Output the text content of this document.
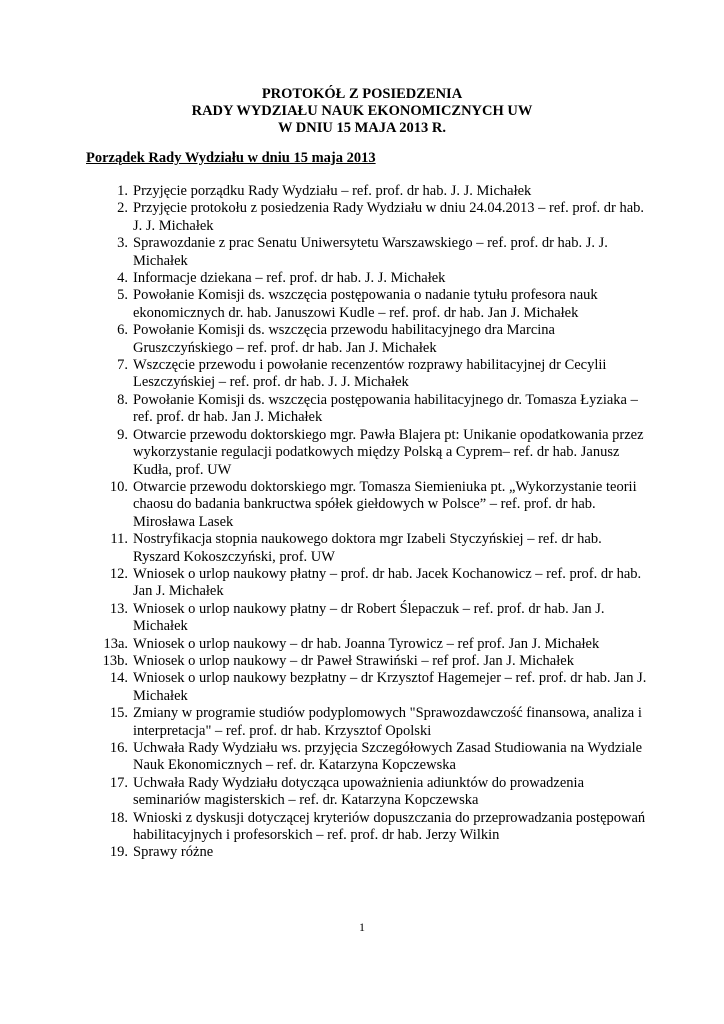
PROTOKÓŁ Z POSIEDZENIA
RADY WYDZIAŁU NAUK EKONOMICZNYCH UW
W DNIU 15 MAJA 2013 R.
Porządek Rady Wydziału w dniu 15 maja 2013
1. Przyjęcie porządku Rady Wydziału – ref. prof. dr hab. J. J. Michałek
2. Przyjęcie protokołu z posiedzenia Rady Wydziału w dniu 24.04.2013 – ref. prof. dr hab. J. J. Michałek
3. Sprawozdanie z prac Senatu Uniwersytetu Warszawskiego – ref. prof. dr hab. J. J. Michałek
4. Informacje dziekana – ref. prof. dr hab. J. J. Michałek
5. Powołanie Komisji ds. wszczęcia postępowania o nadanie tytułu profesora nauk ekonomicznych dr. hab. Januszowi Kudle – ref. prof. dr hab. Jan J. Michałek
6. Powołanie Komisji ds. wszczęcia przewodu habilitacyjnego dra Marcina Gruszczyńskiego – ref. prof. dr hab. Jan J. Michałek
7. Wszczęcie przewodu i powołanie recenzentów rozprawy habilitacyjnej dr Cecylii Leszczyńskiej – ref. prof. dr hab. J. J. Michałek
8. Powołanie Komisji ds. wszczęcia postępowania habilitacyjnego dr. Tomasza Łyziaka – ref. prof. dr hab. Jan J. Michałek
9. Otwarcie przewodu doktorskiego mgr. Pawła Blajera pt: Unikanie opodatkowania przez wykorzystanie regulacji podatkowych między Polską a Cyprem– ref. dr hab. Janusz Kudła, prof. UW
10. Otwarcie przewodu doktorskiego mgr. Tomasza Siemieniuka pt. „Wykorzystanie teorii chaosu do badania bankructwa spółek giełdowych w Polsce” – ref. prof. dr hab. Mirosława Lasek
11. Nostryfikacja stopnia naukowego doktora mgr Izabeli Styczyńskiej – ref. dr hab. Ryszard Kokoszczyński, prof. UW
12. Wniosek o urlop naukowy płatny – prof. dr hab. Jacek Kochanowicz – ref. prof. dr hab. Jan J. Michałek
13. Wniosek o urlop naukowy płatny – dr Robert Ślepaczuk – ref. prof. dr hab. Jan J. Michałek
13a. Wniosek o urlop naukowy – dr hab. Joanna Tyrowicz – ref prof. Jan J. Michałek
13b. Wniosek o urlop naukowy – dr Paweł Strawiński – ref prof. Jan J. Michałek
14. Wniosek o urlop naukowy bezpłatny – dr Krzysztof Hagemejer – ref. prof. dr hab. Jan J. Michałek
15. Zmiany w programie studiów podyplomowych "Sprawozdawczość finansowa, analiza i interpretacja" – ref. prof. dr hab. Krzysztof Opolski
16. Uchwała Rady Wydziału ws. przyjęcia Szczegółowych Zasad Studiowania na Wydziale Nauk Ekonomicznych – ref. dr. Katarzyna Kopczewska
17. Uchwała Rady Wydziału dotycząca upoważnienia adiunktów do prowadzenia seminariów magisterskich – ref. dr. Katarzyna Kopczewska
18. Wnioski z dyskusji dotyczącej kryteriów dopuszczania do przeprowadzania postępowań habilitacyjnych i profesorskich – ref. prof. dr hab. Jerzy Wilkin
19. Sprawy różne
1
